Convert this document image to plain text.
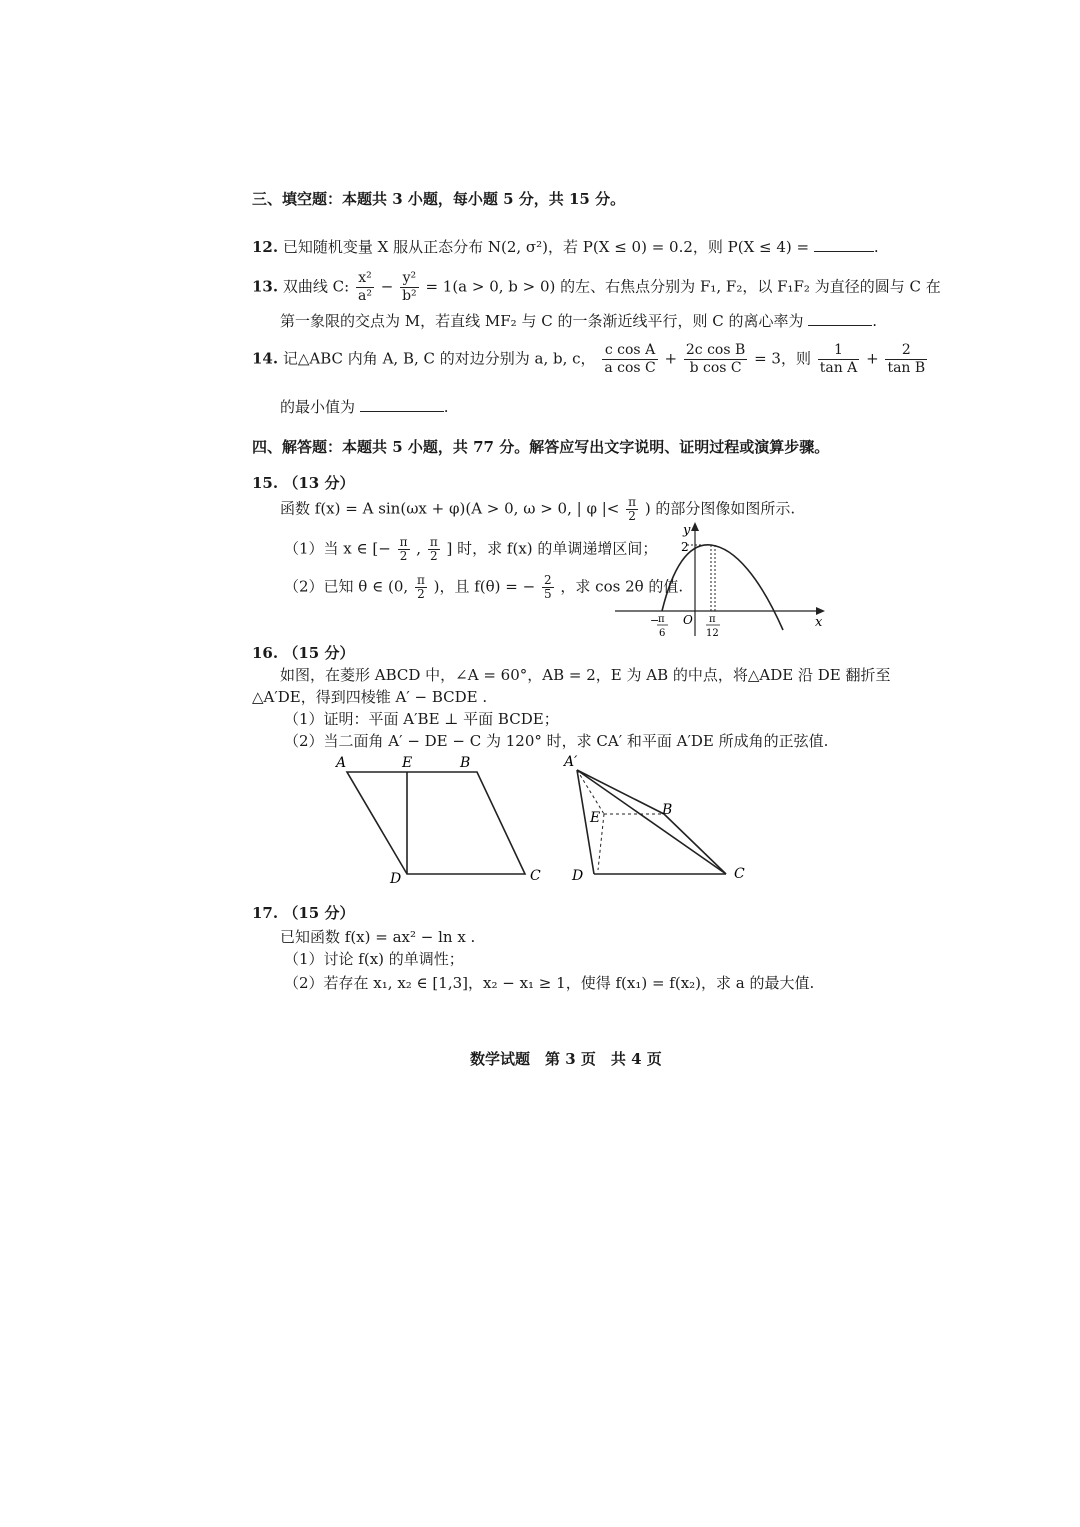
三、填空题：本题共 3 小题，每小题 5 分，共 15 分。
12. 已知随机变量 X 服从正态分布 N(2, σ²)，若 P(X ≤ 0) = 0.2，则 P(X ≤ 4) =	.
13. 双曲线 C: $\frac{\text{x²}}{\text{a²}} - \frac{\text{y²}}{\text{b²}} = 1(a > 0$, b > 0) 的左、右焦点分别为 F₁, F₂，以 F₁F₂ 为直径的圆与 C 在
第一象限的交点为 M，若直线 MF₂ 与 C 的一条渐近线平行，则 C 的离心率为	.
14. 记△ABC 内角 A, B, C 的对边分别为 a, b, c， $\frac{\text{c cos A}}{\text{a cos C}} + \frac{\text{2c cos B}}{\text{b cos C}} = 3$，则 $\frac{1}{\text{tan A}} + \frac{2}{\text{tan B}}$
的最小值为	.
四、解答题：本题共 5 小题，共 77 分。解答应写出文字说明、证明过程或演算步骤。
15. （13 分）
函数 f(x) = A sin(ωx + φ)(A > 0, ω > 0, | φ |< $\frac{\pi}{2}$ ) 的部分图像如图所示.
（1）当 x ∈ [− $\frac{\pi}{2}$ , $\frac{\pi}{2}$ ] 时，求 f(x) 的单调递增区间；
（2）已知 θ ∈ (0, $\frac{\pi}{2}$ )，且 f(θ) = − $\frac{2}{5}$ ，求 cos 2θ 的值.
y
x
O
2
−
π
6
π
12
16. （15 分）
如图，在菱形 ABCD 中，∠A = 60°，AB = 2，E 为 AB 的中点，将△ADE 沿 DE 翻折至
△A′DE，得到四棱锥 A′ − BCDE .
（1）证明：平面 A′BE ⊥ 平面 BCDE；
（2）当二面角 A′ − DE − C 为 120° 时，求 CA′ 和平面 A′DE 所成角的正弦值.
A	E	B
D	C
A′
E	B
D	C
17. （15 分）
已知函数 f(x) = ax² − ln x .
（1）讨论 f(x) 的单调性；
（2）若存在 x₁, x₂ ∈ [1,3]，x₂ − x₁ ≥ 1，使得 f(x₁) = f(x₂)，求 a 的最大值.
数学试题　第 3 页　共 4 页
